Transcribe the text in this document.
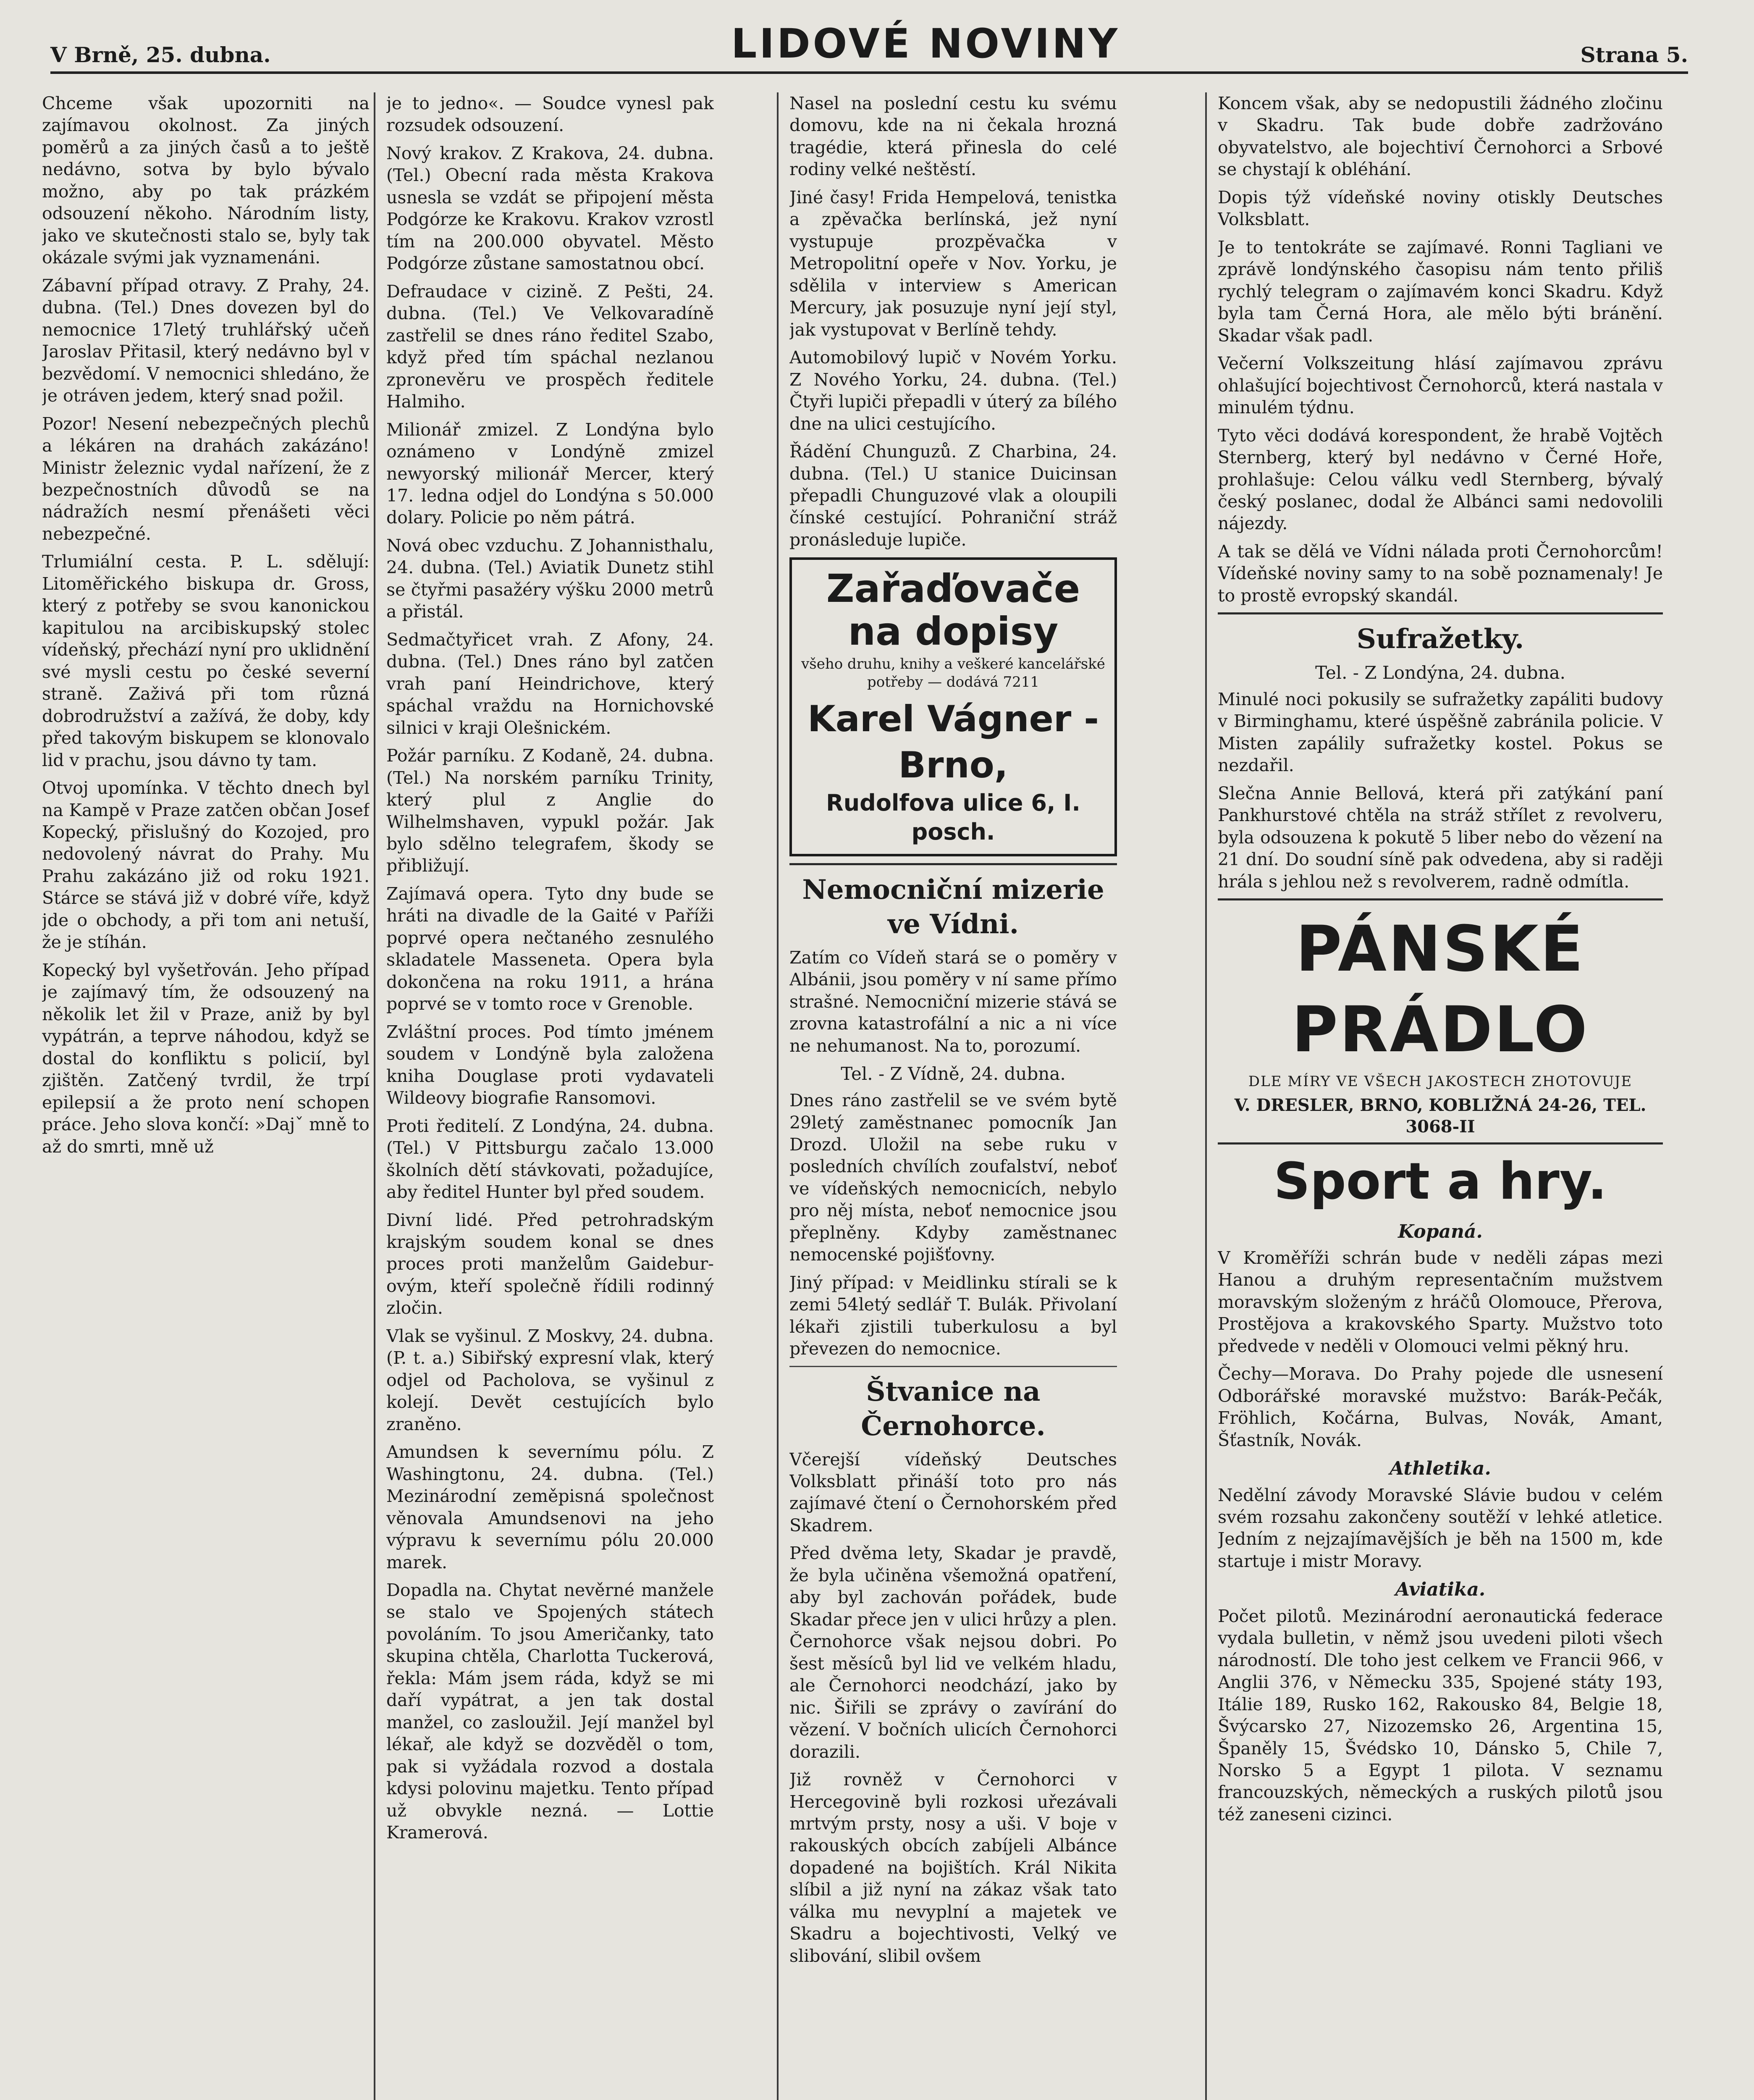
V Brně, 25. dubna.	LIDOVÉ NOVINY	Strana 5.

Chceme však upozorniti na zajímavou okolnost. Za jiných poměrů a za jiných časů a to ještě nedávno, sotva by bylo bývalo možno, aby po tak prázkém odsouzení někoho. Národním listy, jako ve skutečnosti stalo se, byly tak okázale svými jak vyznamenáni.

Zábavní případ otravy. Z Prahy, 24. dubna. (Tel.) Dnes dovezen byl do nemocnice 17letý truhlářský učeň Jaroslav Přitasil, který nedávno byl v bezvědomí. V nemocnici shledáno, že je otráven jedem, který snad požil.

Pozor! Nesení nebezpečných plechů a lékáren na drahách zakázáno! Ministr železnic vydal nařízení, že z bezpečnostních důvodů se na nádražích nesmí přenášeti věci nebezpečné.

Trlumiální cesta. P. L. sdělují: Litoměřického biskupa dr. Gross, který z potřeby se svou kanonickou kapitulou na arcibiskupský stolec vídeňský, přechází nyní pro uklidnění své mysli cestu po české severní straně. Zaživá při tom různá dobrodružství a zažívá, že doby, kdy před takovým biskupem se klonovalo lid v prachu, jsou dávno ty tam.

Otvoj upomínka. V těchto dnech byl na Kampě v Praze zatčen občan Josef Kopecký, přislušný do Kozojed, pro nedovolený návrat do Prahy. Mu Prahu zakázáno již od roku 1921. Stárce se stává již v dobré víře, když jde o obchody, a při tom ani netuší, že je stíhán.

Kopecký byl vyšetřován. Jeho případ je zajímavý tím, že odsouzený na několik let žil v Praze, aniž by byl vypátrán, a teprve náhodou, když se dostal do konfliktu s policií, byl zjištěn. Zatčený tvrdil, že trpí epilepsií a že proto není schopen práce. Jeho slova končí: »Dajˇ mně to až do smrti, mně už

je to jedno«. — Soudce vynesl pak rozsudek odsouzení.

Nový krakov. Z Krakova, 24. dubna. (Tel.) Obecní rada města Krakova usnesla se vzdát se připojení města Podgórze ke Krakovu. Krakov vzrostl tím na 200.000 obyvatel. Město Podgórze zůstane samostatnou obcí.

Defraudace v cizině. Z Pešti, 24. dubna. (Tel.) Ve Velkovaradíně zastřelil se dnes ráno ředitel Szabo, když před tím spáchal nezlanou zpronevěru ve prospěch ředitele Halmiho.

Milionář zmizel. Z Londýna bylo oznámeno v Londýně zmizel newyorský milionář Mercer, který 17. ledna odjel do Londýna s 50.000 dolary. Policie po něm pátrá.

Nová obec vzduchu. Z Johannisthalu, 24. dubna. (Tel.) Aviatik Dunetz stihl se čtyřmi pasažéry výšku 2000 metrů a přistál.

Sedmačtyřicet vrah. Z Afony, 24. dubna. (Tel.) Dnes ráno byl zatčen vrah paní Heindrichove, který spáchal vraždu na Hornichovské silnici v kraji Olešnickém.

Požár parníku. Z Kodaně, 24. dubna. (Tel.) Na norském parníku Trinity, který plul z Anglie do Wilhelmshaven, vypukl požár. Jak bylo sdělno telegrafem, škody se přibližují.

Zajímavá opera. Tyto dny bude se hráti na divadle de la Gaité v Paříži poprvé opera nečtaného zesnulého skladatele Masseneta. Opera byla dokončena na roku 1911, a hrána poprvé se v tomto roce v Grenoble.

Zvláštní proces. Pod tímto jménem soudem v Londýně byla založena kniha Douglase proti vydavateli Wildeovy biografie Ransomovi.

Proti ředitelí. Z Londýna, 24. dubna. (Tel.) V Pittsburgu začalo 13.000 školních dětí stávkovati, požadujíce, aby ředitel Hunter byl před soudem.

Divní lidé. Před petrohradským krajským soudem konal se dnes proces proti manželům Gaideburovým, kteří společně řídili rodinný zločin.

Vlak se vyšinul. Z Moskvy, 24. dubna. (P. t. a.) Sibiřský expresní vlak, který odjel od Pacholova, se vyšinul z kolejí. Devět cestujících bylo zraněno.

Amundsen k severnímu pólu. Z Washingtonu, 24. dubna. (Tel.) Mezinárodní zeměpisná společnost věnovala Amundsenovi na jeho výpravu k severnímu pólu 20.000 marek.

Dopadla na. Chytat nevěrné manžele se stalo ve Spojených státech povoláním. To jsou Američanky, tato skupina chtěla, Charlotta Tuckerová, řekla: Mám jsem ráda, když se mi daří vypátrat, a jen tak dostal manžel, co zasloužil. Její manžel byl lékař, ale když se dozvěděl o tom, pak si vyžádala rozvod a dostala kdysi polovinu majetku. Tento případ už obvykle nezná. — Lottie Kramerová.

Nasel na poslední cestu ku svému domovu, kde na ni čekala hrozná tragédie, která přinesla do celé rodiny velké neštěstí.

Jiné časy! Frida Hempelová, tenistka a zpěvačka berlínská, jež nyní vystupuje prozpěvačka v Metropolitní opeře v Nov. Yorku, je sdělila v interview s American Mercury, jak posuzuje nyní její styl, jak vystupovat v Berlíně tehdy.

Automobilový lupič v Novém Yorku. Z Nového Yorku, 24. dubna. (Tel.) Čtyři lupiči přepadli v úterý za bílého dne na ulici cestujícího.

Řádění Chunguzů. Z Charbina, 24. dubna. (Tel.) U stanice Duicinsan přepadli Chunguzové vlak a oloupili čínské cestující. Pohraniční stráž pronásleduje lupiče.

Zařaďovače na dopisy
všeho druhu, knihy a veškeré kancelářské potřeby — dodává 7211
Karel Vágner - Brno,
Rudolfova ulice 6, I. posch.
Nemocniční mizerie ve Vídni.

Zatím co Vídeň stará se o poměry v Albánii, jsou poměry v ní same přímo strašné. Nemocniční mizerie stává se zrovna katastrofální a nic a ni více ne nehumanost. Na to, porozumí.

Tel. - Z Vídně, 24. dubna.

Dnes ráno zastřelil se ve svém bytě 29letý zaměstnanec pomocník Jan Drozd. Uložil na sebe ruku v posledních chvílích zoufalství, neboť ve vídeňských nemocnicích, nebylo pro něj místa, neboť nemocnice jsou přeplněny. Kdyby zaměstnanec nemocenské pojišťovny.

Jiný případ: v Meidlinku stírali se k zemi 54letý sedlář T. Bulák. Přivolaní lékaři zjistili tuberkulosu a byl převezen do nemocnice.

Štvanice na Černohorce.

Včerejší vídeňský Deutsches Volksblatt přináší toto pro nás zajímavé čtení o Černohorském před Skadrem.

Před dvěma lety, Skadar je pravdě, že byla učiněna všemožná opatření, aby byl zachován pořádek, bude Skadar přece jen v ulici hrůzy a plen. Černohorce však nejsou dobri. Po šest měsíců byl lid ve velkém hladu, ale Černohorci neodchází, jako by nic. Šiřili se zprávy o zavírání do vězení. V bočních ulicích Černohorci dorazili.

Již rovněž v Černohorci v Hercegovině byli rozkosi uřezávali mrtvým prsty, nosy a uši. V boje v rakouských obcích zabíjeli Albánce dopadené na bojištích. Král Nikita slíbil a již nyní na zákaz však tato válka mu nevyplní a majetek ve Skadru a bojechtivosti, Velký ve slibování, slibil ovšem

Koncem však, aby se nedopustili žádného zločinu v Skadru. Tak bude dobře zadržováno obyvatelstvo, ale bojechtiví Černohorci a Srbové se chystají k obléhání.

Dopis týž vídeňské noviny otiskly Deutsches Volksblatt.

Je to tentokráte se zajímavé. Ronni Tagliani ve zprávě londýnského časopisu nám tento přiliš rychlý telegram o zajímavém konci Skadru. Když byla tam Černá Hora, ale mělo býti bránění. Skadar však padl.

Večerní Volkszeitung hlásí zajímavou zprávu ohlašující bojechtivost Černohorců, která nastala v minulém týdnu.

Tyto věci dodává korespondent, že hrabě Vojtěch Sternberg, který byl nedávno v Černé Hoře, prohlašuje: Celou válku vedl Sternberg, bývalý český poslanec, dodal že Albánci sami nedovolili nájezdy.

A tak se dělá ve Vídni nálada proti Černohorcům! Vídeňské noviny samy to na sobě poznamenaly! Je to prostě evropský skandál.

Sufražetky.
Tel. - Z Londýna, 24. dubna.

Minulé noci pokusily se sufražetky zapáliti budovy v Birminghamu, které úspěšně zabránila policie. V Misten zapálily sufražetky kostel. Pokus se nezdařil.

Slečna Annie Bellová, která při zatýkání paní Pankhurstové chtěla na stráž střílet z revolveru, byla odsouzena k pokutě 5 liber nebo do vězení na 21 dní. Do soudní síně pak odvedena, aby si raději hrála s jehlou než s revolverem, radně odmítla.

PÁNSKÉ PRÁDLO
DLE MÍRY VE VŠECH JAKOSTECH ZHOTOVUJE
V. DRESLER, BRNO, KOBLIŽNÁ 24-26, TEL. 3068-II
Sport a hry.
Kopaná.

V Kroměříži schrán bude v neděli zápas mezi Hanou a druhým representačním mužstvem moravským složeným z hráčů Olomouce, Přerova, Prostějova a krakovského Sparty. Mužstvo toto předvede v neděli v Olomouci velmi pěkný hru.

Čechy—Morava. Do Prahy pojede dle usnesení Odborářské moravské mužstvo: Barák-Pečák, Fröhlich, Kočárna, Bulvas, Novák, Amant, Šťastník, Novák.

Athletika.

Nedělní závody Moravské Slávie budou v celém svém rozsahu zakončeny soutěží v lehké atletice. Jedním z nejzajímavějších je běh na 1500 m, kde startuje i mistr Moravy.

Aviatika.

Počet pilotů. Mezinárodní aeronautická federace vydala bulletin, v němž jsou uvedeni piloti všech národností. Dle toho jest celkem ve Francii 966, v Anglii 376, v Německu 335, Spojené státy 193, Itálie 189, Rusko 162, Rakousko 84, Belgie 18, Švýcarsko 27, Nizozemsko 26, Argentina 15, Španěly 15, Švédsko 10, Dánsko 5, Chile 7, Norsko 5 a Egypt 1 pilota. V seznamu francouzských, německých a ruských pilotů jsou též zaneseni cizinci.
